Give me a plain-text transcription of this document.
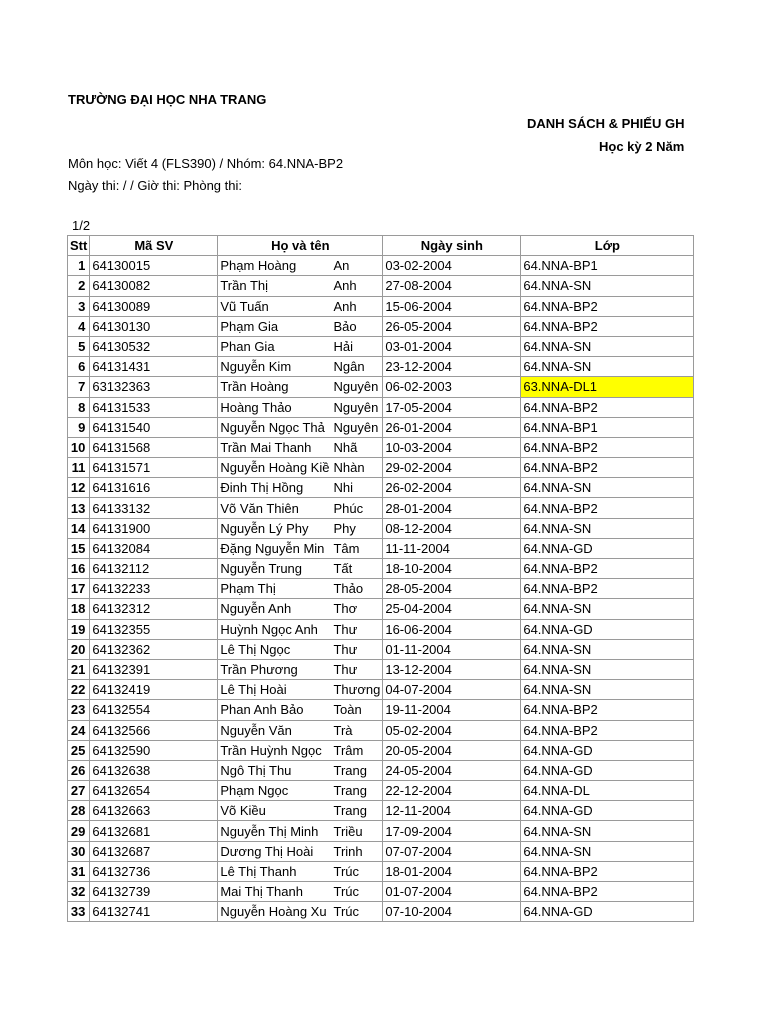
TRƯỜNG ĐẠI HỌC NHA TRANG
DANH SÁCH & PHIẾU GH
Học kỳ 2 Năm
Môn học: Viết 4 (FLS390) / Nhóm: 64.NNA-BP2
Ngày thi: / / Giờ thi: Phòng thi:
1/2
Stt	Mã SV	Họ và tên		Ngày sinh	Lớp
1	64130015	Phạm Hoàng	An	03-02-2004	64.NNA-BP1
2	64130082	Trần Thị	Anh	27-08-2004	64.NNA-SN
3	64130089	Vũ Tuấn	Anh	15-06-2004	64.NNA-BP2
4	64130130	Phạm Gia	Bảo	26-05-2004	64.NNA-BP2
5	64130532	Phan Gia	Hải	03-01-2004	64.NNA-SN
6	64131431	Nguyễn Kim	Ngân	23-12-2004	64.NNA-SN
7	63132363	Trần Hoàng	Nguyên	06-02-2003	63.NNA-DL1
8	64131533	Hoàng Thảo	Nguyên	17-05-2004	64.NNA-BP2
9	64131540	Nguyễn Ngọc Thả	Nguyên	26-01-2004	64.NNA-BP1
10	64131568	Trần Mai Thanh	Nhã	10-03-2004	64.NNA-BP2
11	64131571	Nguyễn Hoàng Kiề	Nhàn	29-02-2004	64.NNA-BP2
12	64131616	Đinh Thị Hồng	Nhi	26-02-2004	64.NNA-SN
13	64133132	Võ Văn Thiên	Phúc	28-01-2004	64.NNA-BP2
14	64131900	Nguyễn Lý Phy	Phy	08-12-2004	64.NNA-SN
15	64132084	Đặng Nguyễn Min	Tâm	11-11-2004	64.NNA-GD
16	64132112	Nguyễn Trung	Tất	18-10-2004	64.NNA-BP2
17	64132233	Phạm Thị	Thảo	28-05-2004	64.NNA-BP2
18	64132312	Nguyễn Anh	Thơ	25-04-2004	64.NNA-SN
19	64132355	Huỳnh Ngọc Anh	Thư	16-06-2004	64.NNA-GD
20	64132362	Lê Thị Ngọc	Thư	01-11-2004	64.NNA-SN
21	64132391	Trần Phương	Thư	13-12-2004	64.NNA-SN
22	64132419	Lê Thị Hoài	Thương	04-07-2004	64.NNA-SN
23	64132554	Phan Anh Bảo	Toàn	19-11-2004	64.NNA-BP2
24	64132566	Nguyễn Văn	Trà	05-02-2004	64.NNA-BP2
25	64132590	Trần Huỳnh Ngọc	Trâm	20-05-2004	64.NNA-GD
26	64132638	Ngô Thị Thu	Trang	24-05-2004	64.NNA-GD
27	64132654	Phạm Ngọc	Trang	22-12-2004	64.NNA-DL
28	64132663	Võ Kiều	Trang	12-11-2004	64.NNA-GD
29	64132681	Nguyễn Thị Minh	Triều	17-09-2004	64.NNA-SN
30	64132687	Dương Thị Hoài	Trinh	07-07-2004	64.NNA-SN
31	64132736	Lê Thị Thanh	Trúc	18-01-2004	64.NNA-BP2
32	64132739	Mai Thị Thanh	Trúc	01-07-2004	64.NNA-BP2
33	64132741	Nguyễn Hoàng Xu	Trúc	07-10-2004	64.NNA-GD
